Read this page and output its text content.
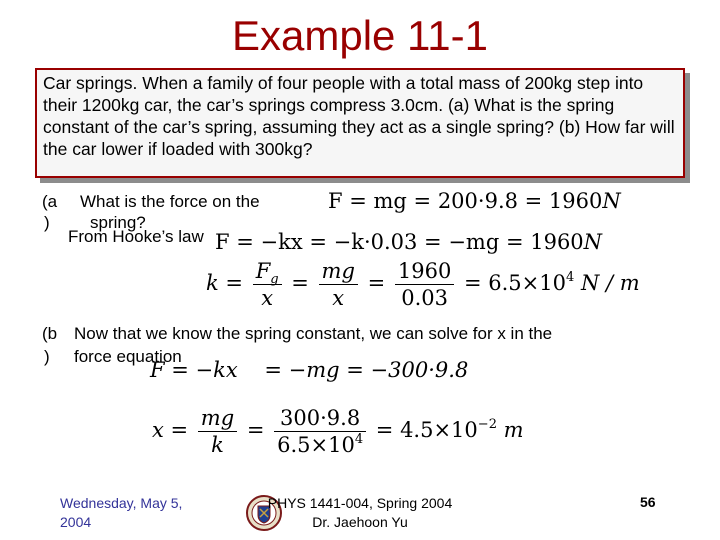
Example 11-1
Car springs. When a family of four people with a total mass of 200kg step into their 1200kg car, the car’s springs compress 3.0cm. (a) What is the spring constant of the car’s spring, assuming they act as a single spring? (b) How far will the car lower if loaded with 300kg?
(a
)
What is the force on the
spring?
From Hooke’s law
F = mg = 200·9.8 = 1960N
F = −kx = −k·0.03 = −mg = 1960N
$k = \frac{F_g}{x} = \frac{mg}{x} = \frac{1960}{0.03} = 6.5\times 10^4$ N / m
(b
)
Now that we know the spring constant, we can solve for x in the
force equation
F = −kx    = −mg = −300·9.8
$x = \frac{mg}{k} = \frac{300\cdot 9.8}{6.5\times 10^4} = 4.5\times 10^{-2}$ m
Wednesday, May 5,
2004
PHYS 1441-004, Spring 2004
Dr. Jaehoon Yu
56
